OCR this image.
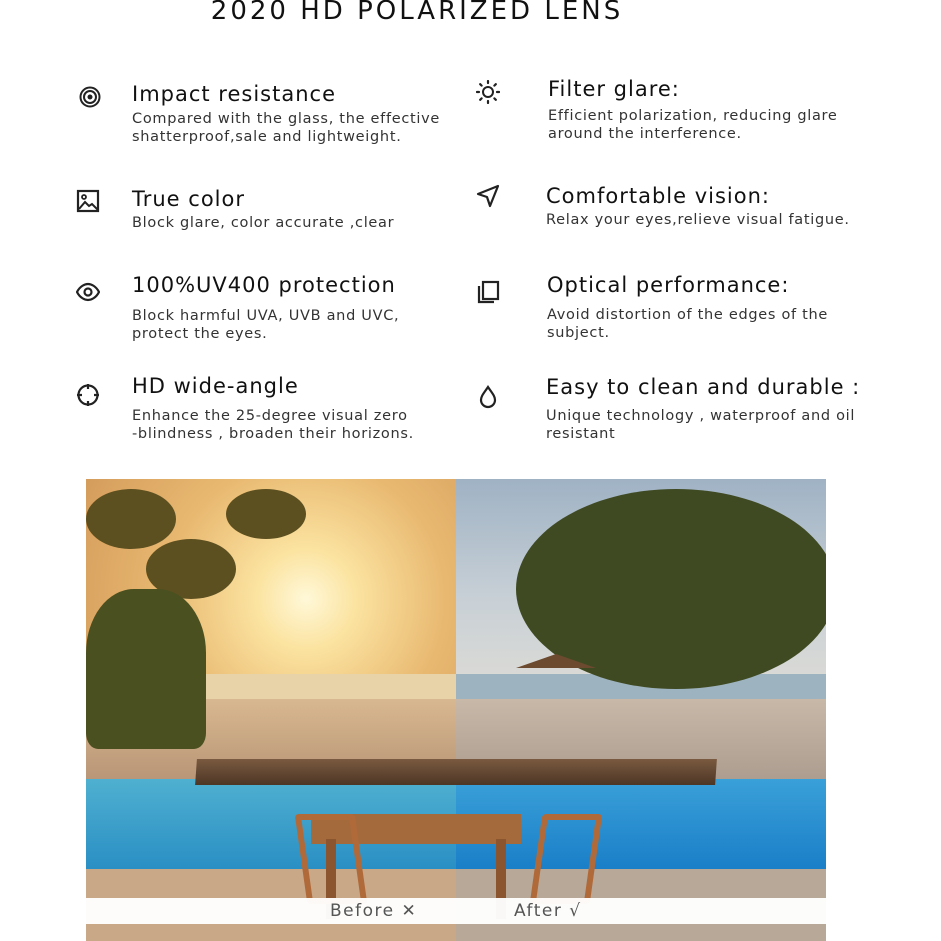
2020 HD POLARIZED LENS
Impact resistance

Compared with the glass, the effective
shatterproof,sale and lightweight.

Filter glare:

Efficient polarization, reducing glare
around the interference.

True color

Block glare, color accurate ,clear

Comfortable vision:

Relax your eyes,relieve visual fatigue.

100%UV400 protection

Block harmful UVA, UVB and UVC,
protect the eyes.

Optical performance:

Avoid distortion of the edges of the
subject.

HD wide-angle

Enhance the 25-degree visual zero
-blindness , broaden their horizons.

Easy to clean and durable :

Unique technology , waterproof and oil
resistant

Before ✕	After √
